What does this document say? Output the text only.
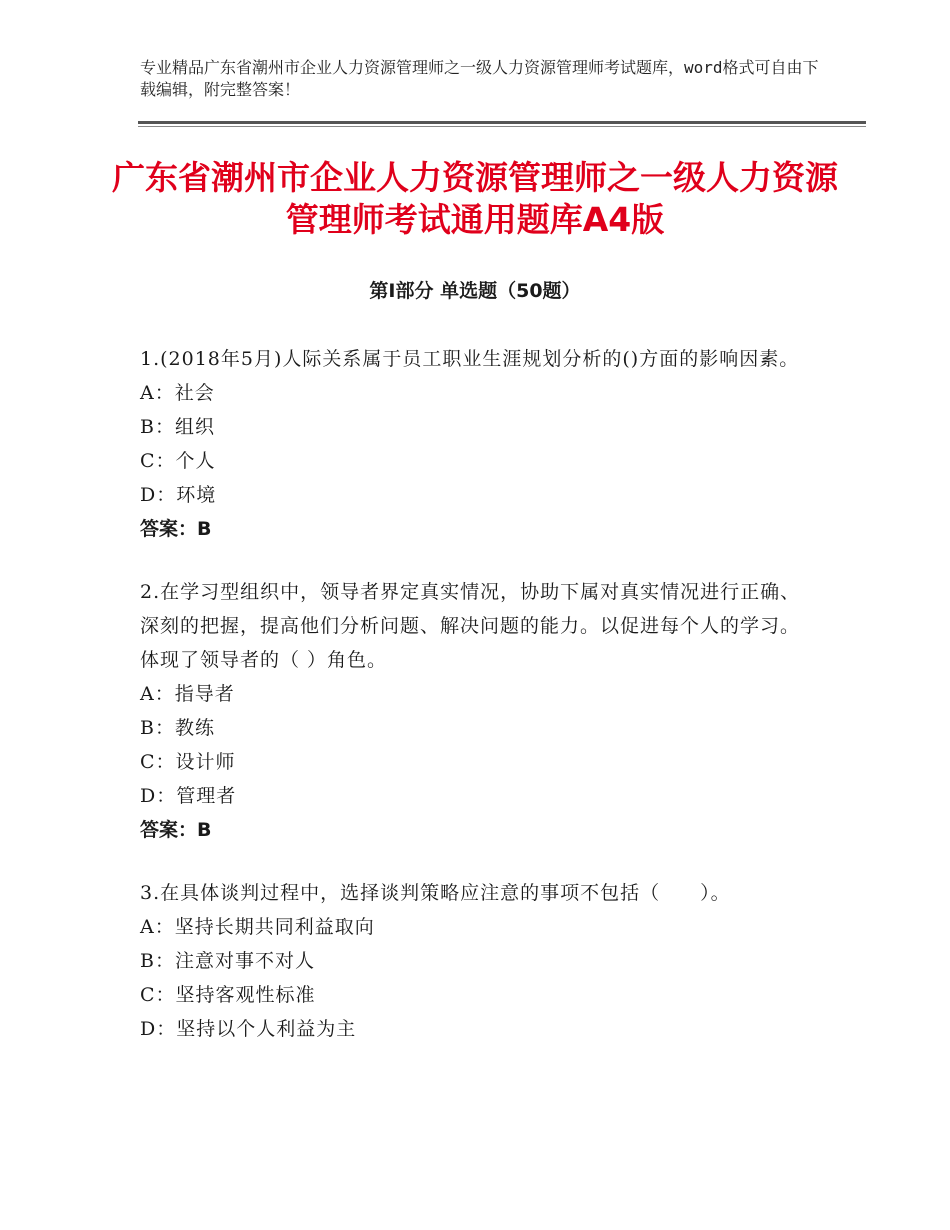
专业精品广东省潮州市企业人力资源管理师之一级人力资源管理师考试题库，word格式可自由下载编辑，附完整答案！
广东省潮州市企业人力资源管理师之一级人力资源管理师考试通用题库A4版
第Ⅰ部分 单选题（50题）
1.(2018年5月)人际关系属于员工职业生涯规划分析的()方面的影响因素。
A：社会
B：组织
C：个人
D：环境
答案：B
2.在学习型组织中，领导者界定真实情况，协助下属对真实情况进行正确、深刻的把握，提高他们分析问题、解决问题的能力。以促进每个人的学习。体现了领导者的（ ）角色。
A：指导者
B：教练
C：设计师
D：管理者
答案：B
3.在具体谈判过程中，选择谈判策略应注意的事项不包括（　　）。
A：坚持长期共同利益取向
B：注意对事不对人
C：坚持客观性标准
D：坚持以个人利益为主
